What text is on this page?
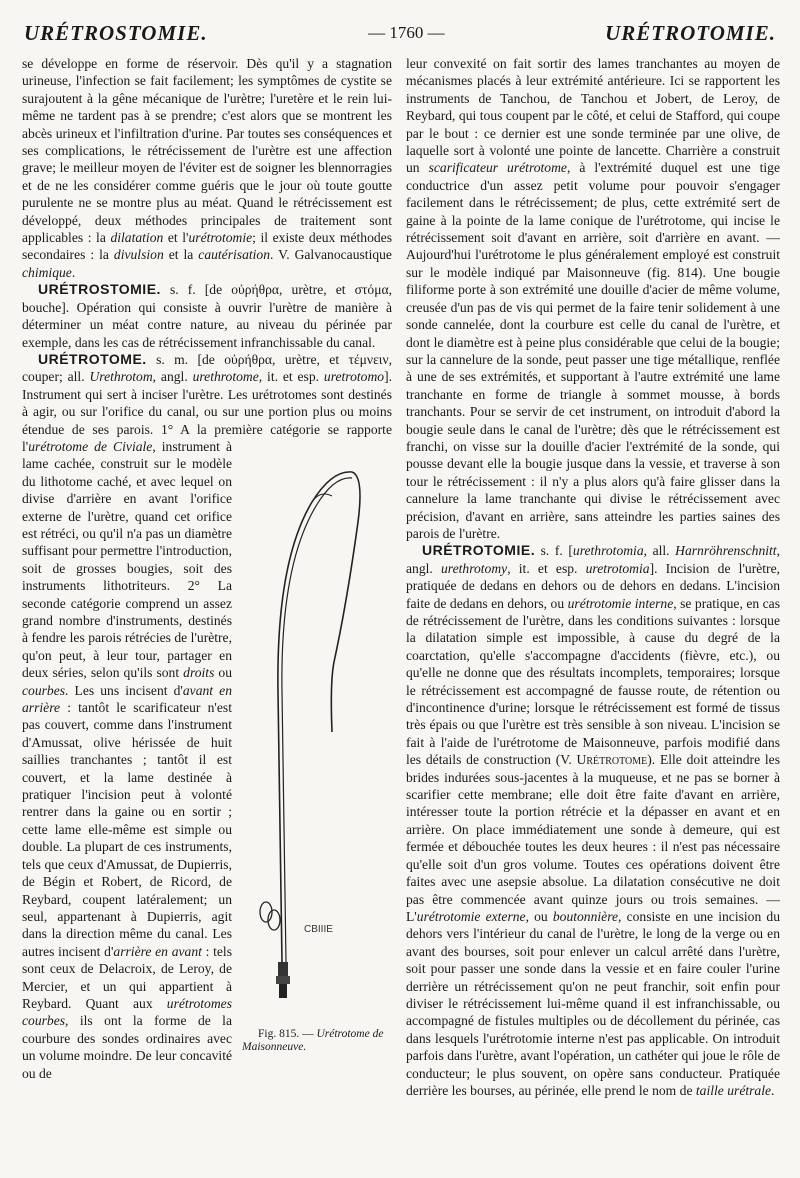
URÉTROSTOMIE.	— 1760 —	URÉTROTOMIE.

se développe en forme de réservoir. Dès qu'il y a stagnation urineuse, l'infection se fait facilement; les symptômes de cystite se surajoutent à la gêne mécanique de l'urètre; l'uretère et le rein lui-même ne tardent pas à se prendre; c'est alors que se montrent les abcès urineux et l'infiltration d'urine. Par toutes ses conséquences et ses complications, le rétrécissement de l'urètre est une affection grave; le meilleur moyen de l'éviter est de soigner les blennorragies et de ne les considérer comme guéris que le jour où toute goutte purulente ne se montre plus au méat. Quand le rétrécissement est développé, deux méthodes principales de traitement sont applicables : la dilatation et l'urétrotomie; il existe deux méthodes secondaires : la divulsion et la cautérisation. V. Galvanocaustique chimique.

URÉTROSTOMIE. s. f. [de οὐρήθρα, urètre, et στόμα, bouche]. Opération qui consiste à ouvrir l'urètre de manière à déterminer un méat contre nature, au niveau du périnée par exemple, dans les cas de rétrécissement infranchissable du canal.

URÉTROTOME. s. m. [de οὐρήθρα, urètre, et τέμνειν, couper; all. Urethrotom, angl. urethrotome, it. et esp. uretrotomo]. Instrument qui sert à inciser l'urètre. Les urétrotomes sont destinés à agir, ou sur l'orifice du canal, ou sur une portion plus ou moins étendue de ses parois. 1° A la première catégorie se rapporte l'
CBIIIE
Fig. 815. — Urétrotome de Maisonneuve.
urétrotome de Civiale, instrument à lame cachée, construit sur le modèle du lithotome caché, et avec lequel on divise d'arrière en avant l'orifice externe de l'urètre, quand cet orifice est rétréci, ou qu'il n'a pas un diamètre suffisant pour permettre l'introduction, soit de grosses bougies, soit des instruments lithotriteurs. 2° La seconde catégorie comprend un assez grand nombre d'instruments, destinés à fendre les parois rétrécies de l'urètre, qu'on peut, à leur tour, partager en deux séries, selon qu'ils sont droits ou courbes. Les uns incisent d'avant en arrière : tantôt le scarificateur n'est pas couvert, comme dans l'instrument d'Amussat, olive hérissée de huit saillies tranchantes ; tantôt il est couvert, et la lame destinée à pratiquer l'incision peut à volonté rentrer dans la gaine ou en sortir ; cette lame elle-même est simple ou double. La plupart de ces instruments, tels que ceux d'Amussat, de Dupierris, de Bégin et Robert, de Ricord, de Reybard, coupent latéralement; un seul, appartenant à Dupierris, agit dans la direction même du canal. Les autres incisent d'arrière en avant : tels sont ceux de Delacroix, de Leroy, de Mercier, et un qui appartient à Reybard. Quant aux urétrotomes courbes, ils ont la forme de la courbure des sondes ordinaires avec un volume moindre. De leur concavité ou de

leur convexité on fait sortir des lames tranchantes au moyen de mécanismes placés à leur extrémité antérieure. Ici se rapportent les instruments de Tanchou, de Tanchou et Jobert, de Leroy, de Reybard, qui tous coupent par le côté, et celui de Stafford, qui coupe par le bout : ce dernier est une sonde terminée par une olive, de laquelle sort à volonté une pointe de lancette. Charrière a construit un scarificateur urétrotome, à l'extrémité duquel est une tige conductrice d'un assez petit volume pour pouvoir s'engager facilement dans le rétrécissement; de plus, cette extrémité sert de gaine à la pointe de la lame conique de l'urétrotome, qui incise le rétrécissement soit d'avant en arrière, soit d'arrière en avant. — Aujourd'hui l'urétrotome le plus généralement employé est construit sur le modèle indiqué par Maisonneuve (fig. 814). Une bougie filiforme porte à son extrémité une douille d'acier de même volume, creusée d'un pas de vis qui permet de la faire tenir solidement à une sonde cannelée, dont la courbure est celle du canal de l'urètre, et dont le diamètre est à peine plus considérable que celui de la bougie; sur la cannelure de la sonde, peut passer une tige métallique, renflée à une de ses extrémités, et supportant à l'autre extrémité une lame tranchante en forme de triangle à sommet mousse, à bords tranchants. Pour se servir de cet instrument, on introduit d'abord la bougie seule dans le canal de l'urètre; dès que le rétrécissement est franchi, on visse sur la douille d'acier l'extrémité de la sonde, qui pousse devant elle la bougie jusque dans la vessie, et traverse à son tour le rétrécissement : il n'y a plus alors qu'à faire glisser dans la cannelure la lame tranchante qui divise le rétrécissement avec précision, d'avant en arrière, sans atteindre les parties saines des parois de l'urètre.

URÉTROTOMIE. s. f. [urethrotomia, all. Harnröhrenschnitt, angl. urethrotomy, it. et esp. uretrotomia]. Incision de l'urètre, pratiquée de dedans en dehors ou de dehors en dedans. L'incision faite de dedans en dehors, ou urétrotomie interne, se pratique, en cas de rétrécissement de l'urètre, dans les conditions suivantes : lorsque la dilatation simple est impossible, à cause du degré de la coarctation, qu'elle s'accompagne d'accidents (fièvre, etc.), ou qu'elle ne donne que des résultats incomplets, temporaires; lorsque le rétrécissement est accompagné de fausse route, de rétention ou d'incontinence d'urine; lorsque le rétrécissement est formé de tissus très épais ou que l'urètre est très sensible à son niveau. L'incision se fait à l'aide de l'urétrotome de Maisonneuve, parfois modifié dans les détails de construction (V. Urétrotome). Elle doit atteindre les brides indurées sous-jacentes à la muqueuse, et ne pas se borner à scarifier cette membrane; elle doit être faite d'avant en arrière, intéresser toute la portion rétrécie et la dépasser en avant et en arrière. On place immédiatement une sonde à demeure, qui est fermée et débouchée toutes les deux heures : il n'est pas nécessaire qu'elle soit d'un gros volume. Toutes ces opérations doivent être faites avec une asepsie absolue. La dilatation consécutive ne doit pas être commencée avant quinze jours ou trois semaines. — L'urétrotomie externe, ou boutonnière, consiste en une incision du dehors vers l'intérieur du canal de l'urètre, le long de la verge ou en avant des bourses, soit pour enlever un calcul arrêté dans l'urètre, soit pour passer une sonde dans la vessie et en faire couler l'urine derrière un rétrécissement qu'on ne peut franchir, soit enfin pour diviser le rétrécissement lui-même quand il est infranchissable, ou accompagné de fistules multiples ou de décollement du périnée, cas dans lesquels l'urétrotomie interne n'est pas applicable. On introduit parfois dans l'urètre, avant l'opération, un cathéter qui joue le rôle de conducteur; le plus souvent, on opère sans conducteur. Pratiquée derrière les bourses, au périnée, elle prend le nom de taille urétrale.
